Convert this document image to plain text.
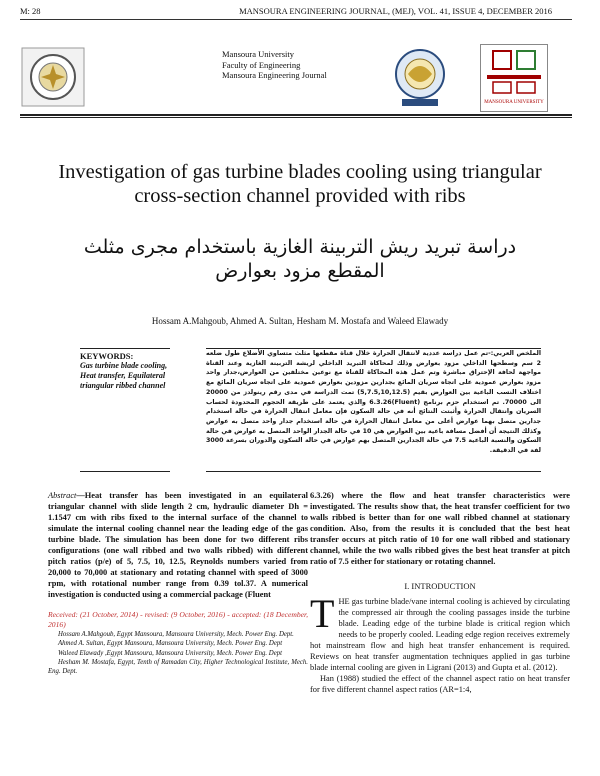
M: 28	MANSOURA ENGINEERING JOURNAL, (MEJ), VOL. 41, ISSUE 4, DECEMBER 2016
Mansoura University
Faculty of Engineering
Mansoura Engineering Journal
MANSOURA UNIVERSITY
Investigation of gas turbine blades cooling using triangular cross-section channel provided with ribs
دراسة تبريد ريش التربينة الغازية باستخدام مجرى مثلث المقطع مزود بعوارض
Hossam A.Mahgoub, Ahmed A. Sultan, Hesham M. Mostafa and Waleed Elawady
KEYWORDS:
Gas turbine blade cooling, Heat transfer, Equilateral triangular ribbed channel
الملخص العربي:-تم عمل دراسة عددية لانتقال الحرارة خلال قناة مقطعها مثلث متساوي الأضلاع طول ضلعه 2 سم وسطحها الداخلي مزود بعوارض وذلك لمحاكاة التبريد الداخلي لريشة التربينة الغازية وعند القناة مواجهة لحافة الإحتراق مباشرة وتم عمل هذه المحاكاة للقناة مع نوعين مختلفين من العوارض،جدار واحد مزود بعوارض عمودية على اتجاه سريان المائع بجدارين مزودين بعوارض عمودية على اتجاه سريان المائع مع اختلاف النسب الباعية بين العوارض بقيم (5,7.5,10,12.5) تمت الدراسة في مدى رقم رينولدز من 20000 الى 70000. تم استخدام حزم برنامج (Fluent)6.3.26 والذي يعتمد على طريقة الحجوم المحدودة لحساب السريان وانتقال الحرارة وأثبتت النتائج أنه في حالة السكون فإن معامل انتقال الحرارة في حالة استخدام جدارين متصل بهما عوارض أعلى من معامل انتقال الحرارة في حالة استخدام جدار واحد متصل به عوارض وكذلك النتيجة أن أفضل مسافة باعية بين العوارض هي 10 في حالة الجدار الواحد المتصل به عوارض في حالة السكون والنسبة الباعية 7.5 في حالة الجدارين المتصل بهم عوارض في حالة السكون والدوران بسرعة 3000 لفة في الدقيقة.
Abstract—Heat transfer has been investigated in an equilateral triangular channel with slide length 2 cm, hydraulic diameter Dh = 1.1547 cm with ribs fixed to the internal surface of the channel to simulate the internal cooling channel near the leading edge of the gas turbine blade. The simulation has been done for two different ribs configurations (one wall ribbed and two walls ribbed) with different pitch ratios (p/e) of 5, 7.5, 10, 12.5, Reynolds numbers varied from 20,000 to 70,000 at stationary and rotating channel with speed of 3000 rpm, with rotational number range from 0.39 tol.37. A numerical investigation is conducted using a commercial package (Fluent
Received: (21 October, 2014) - revised: (9 October, 2016) - accepted: (18 December, 2016)
Hossam A.Mahgoub, Egypt Mansoura, Mansoura University, Mech. Power Eng. Dept.
Ahmed A. Sultan, Egypt Mansoura, Mansoura University, Mech. Power Eng. Dept
Waleed Elawady ,Egypt Mansoura, Mansoura University, Mech. Power Eng. Dept
Hesham M. Mostafa, Egypt, Tenth of Ramadan City, Higher Technological Institute, Mech. Eng. Dept.
6.3.26) where the flow and heat transfer characteristics were investigated. The results show that, the heat transfer coefficient for two walls ribbed is better than for one wall ribbed channel at stationary condition. Also, from the results it is concluded that the best heat transfer occurs at pitch ratio of 10 for one wall ribbed and stationary channel, while the two walls ribbed gives the best heat transfer at pitch ratio of 7.5 either for stationary or rotating channel.
I. INTRODUCTION
THE gas turbine blade/vane internal cooling is achieved by circulating the compressed air through the cooling passages inside the turbine blade. Leading edge of the turbine blade is critical region which needs to be properly cooled. Leading edge region receives extremely hot mainstream flow and high heat transfer enhancement is required. Reviews on heat transfer augmentation techniques applied in gas turbine blade internal cooling are given in Ligrani (2013) and Gupta et al. (2012).
Han (1988) studied the effect of the channel aspect ratio on heat transfer for five different channel aspect ratios (AR=1:4,
